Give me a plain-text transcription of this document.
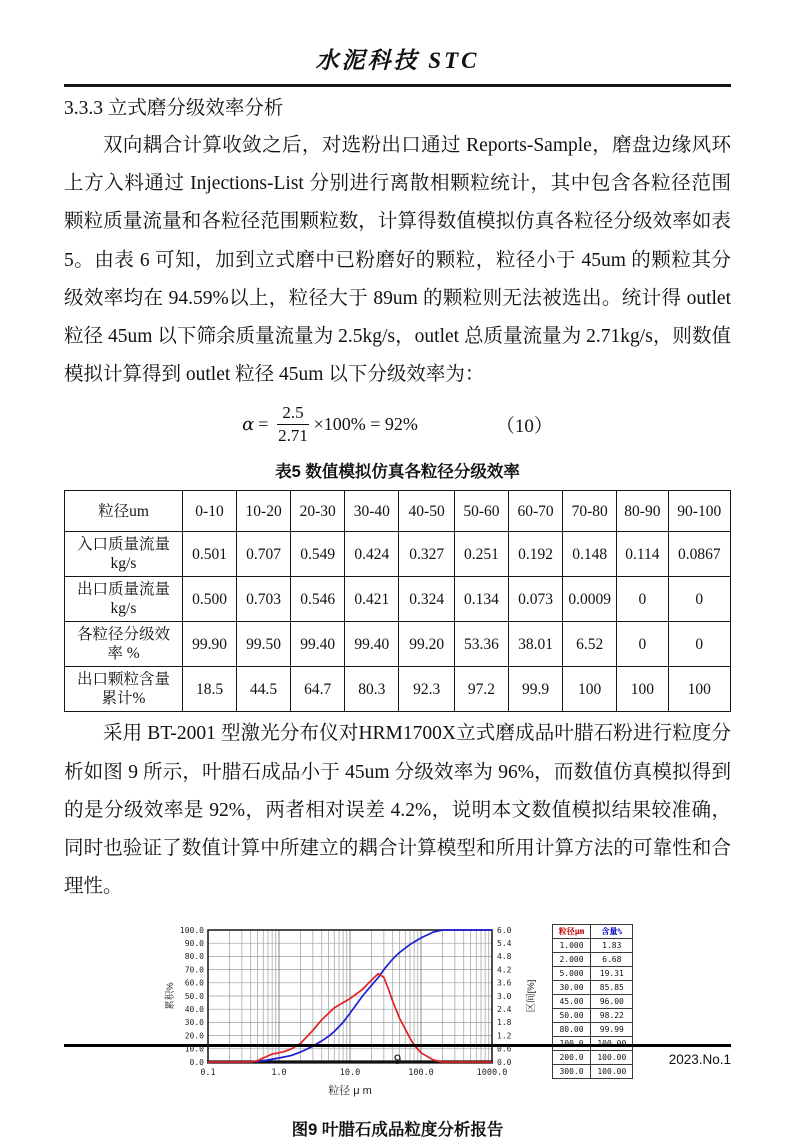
水泥科技 STC
3.3.3 立式磨分级效率分析

双向耦合计算收敛之后，对选粉出口通过 Reports-Sample，磨盘边缘风环上方入料通过 Injections-List 分别进行离散相颗粒统计，其中包含各粒径范围颗粒质量流量和各粒径范围颗粒数，计算得数值模拟仿真各粒径分级效率如表 5。由表 6 可知，加到立式磨中已粉磨好的颗粒，粒径小于 45um 的颗粒其分级效率均在 94.59%以上，粒径大于 89um 的颗粒则无法被选出。统计得 outlet 粒径 45um 以下筛余质量流量为 2.5kg/s，outlet 总质量流量为 2.71kg/s，则数值模拟计算得到 outlet 粒径 45um 以下分级效率为：

$\alpha = \frac{2.5}{2.71} \times 100\% = 92\%$	（10）
表5 数值模拟仿真各粒径分级效率
粒径um	0-10	10-20	20-30	30-40	40-50	50-60	60-70	70-80	80-90	90-100
入口质量流量
kg/s	0.501	0.707	0.549	0.424	0.327	0.251	0.192	0.148	0.114	0.0867
出口质量流量
kg/s	0.500	0.703	0.546	0.421	0.324	0.134	0.073	0.0009	0	0
各粒径分级效
率 %	99.90	99.50	99.40	99.40	99.20	53.36	38.01	6.52	0	0
出口颗粒含量
累计%	18.5	44.5	64.7	80.3	92.3	97.2	99.9	100	100	100

采用 BT-2001 型激光分布仪对HRM1700X立式磨成品叶腊石粉进行粒度分析如图 9 所示，叶腊石成品小于 45um 分级效率为 96%，而数值仿真模拟得到的是分级效率是 92%，两者相对误差 4.2%，说明本文数值模拟结果较准确，同时也验证了数值计算中所建立的耦合计算模型和所用计算方法的可靠性和合理性。

0.0
10.0
20.0
30.0
40.0
50.0
60.0
70.0
80.0
90.0
100.0
0.0
0.6
1.2
1.8
2.4
3.0
3.6
4.2
4.8
5.4
6.0
0.1	1.0	10.0	100.0	1000.0
粒径 μ m
累积%	区间[%]
粒径μm	含量%
1.000	1.83
2.000	6.68
5.000	19.31
30.00	85.85
45.00	96.00
50.00	98.22
80.00	99.99
100.0	100.00
200.0	100.00
300.0	100.00
图9 叶腊石成品粒度分析报告
9	2023.No.1
